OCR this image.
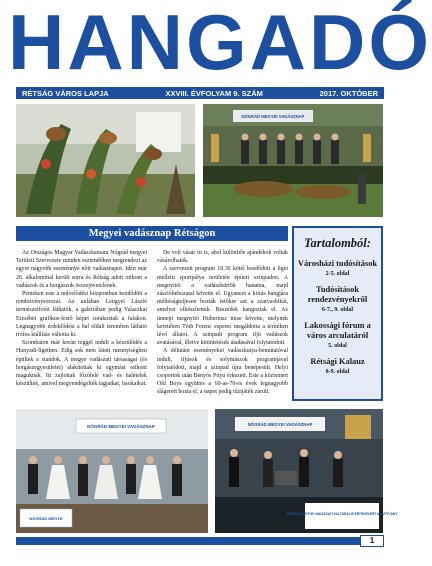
HANGADÓ
RÉTSÁG VÁROS LAPJA	XXVIII. ÉVFOLYAM 9. SZÁM	2017. OKTÓBER
NÓGRÁD MEGYEI VADÁSZNAP
Megyei vadásznap Rétságon

Az Országos Magyar Vadászkamara Nógrád megyei Területi Szervezete minden esztendőben megrendezi az egyre nagyobb eseménnyé nőtt vadásznapot. Idén már 26. alkalommal került sorra és Rétság adott otthont a vadászok és a horgászok összejövetelének.

Pénteken este a művelődési központban kezdődött a rendezvénysorozat. Az aulában Lengyel László természetfotói láthatók, a galériában pedig Valaczkai Erzsébet grafikus-festő képei sorakoztak a falakon. Legnagyobb érdeklődést a bal oldali teremben látható trófea kiállítás váltotta ki.

Szombaton már korán reggel indult a készülődés a Hunyadi-ligetben. Edig sok nem látott mennyiségben épültek a standok. A megye vadászati társaságai (és horgászegyesületei) alakítottak ki egymást otthont maguknak. Itt zajlottak főzőfelé vad- és halételek készültek, amivel megvendégelték tagjaikat, barátaikat.

De volt vásár itt is, ahol különféle ajándékok voltak vásárolhatók.

A szervezett program 10.30 kötél kezdődött a liget melletti sportpálya területén épített színpadon. A megnyitót a vadászkürtök hanama, majd zászlóbehozatal követte el. Ugyanezt a kiírás hangjára méltóságteljesen hozták tetőkre azt a szarvasbikát, amelyet elkészítettek. Beszédek hangoztak el. Az ünnepi megnyitó Hubertusz mise követte, melynek keretében Tóth Ferenc esperes megáldotta a terítéken lévő állatot. A szinpadi program ifjú vadászok avatásával, illetve kitüntetések átadásával folytatódott.

A délutáni eseményeket vadászkutya-bemutatóval indult, ifjúsok és solymászok programjával folytatódott, majd a színpad újra benépesült. Helyi csoportok után Benyós Pityu érkezett. Este a közismert Old Boys együttes a 60-as-70-es évek legnagyobb slágereit hozta el, a napot pedig tűzijáték zárult.

Tartalomból:
Városházi tudósítások
2-5. oldal
Tudósítások rendezvényekről
6-7., 9. oldal
Lakossági fórum a város arculatáról
5. oldal
Rétsági Kalauz
8-9. oldal
NÓGRÁD MEGYEI VADÁSZNAP
NÓGRÁD MEGYE
NÓGRÁD MEGYEI VADÁSZNAP
NÓGRÁD MEGYEI VADÁSZATI KULTURÁLIS ÉRTÉKEKÉRT ALAPÍTVÁNY
1
